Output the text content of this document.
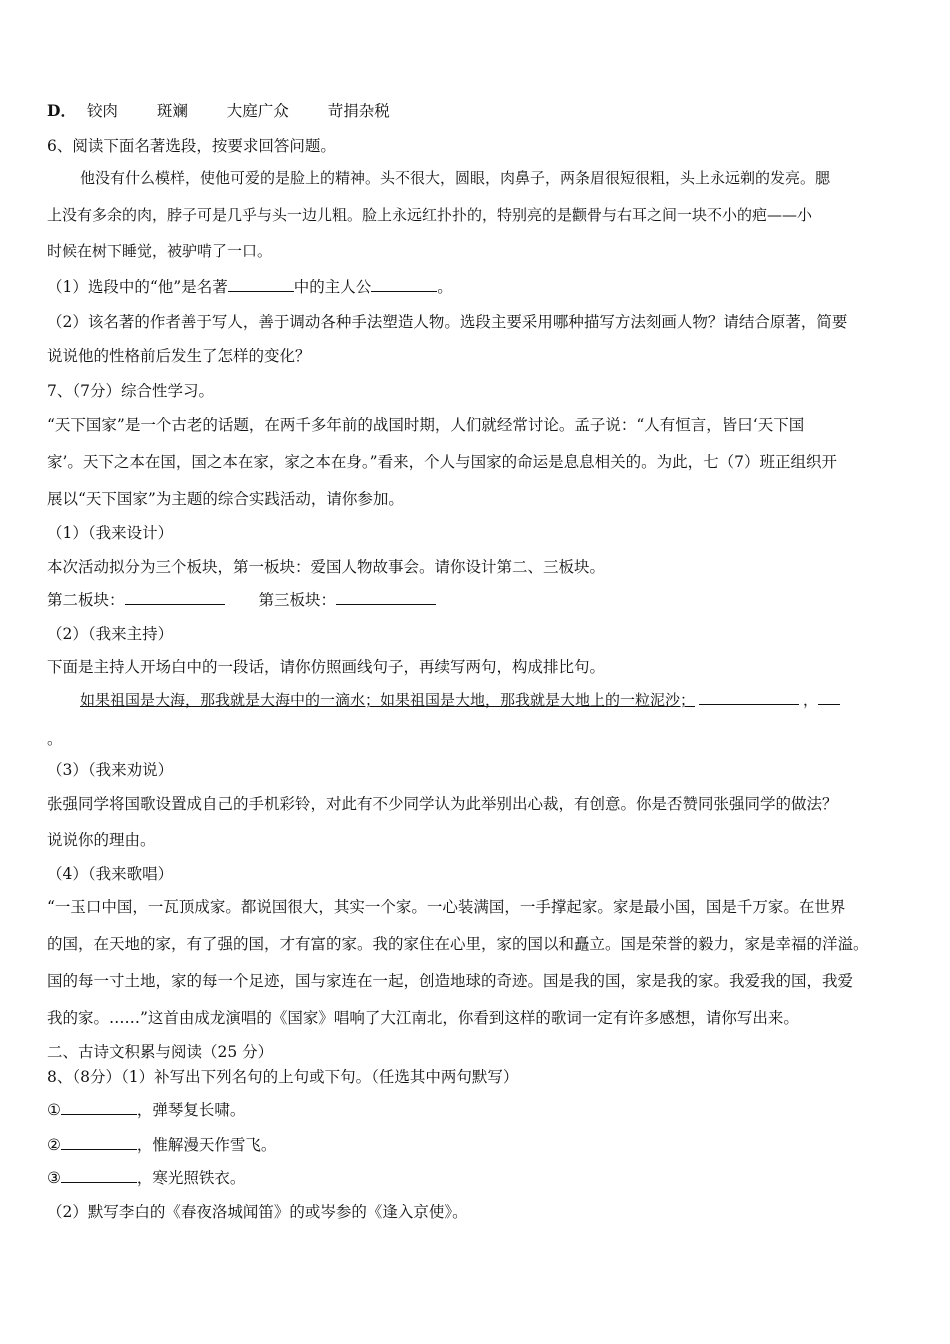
D． 铰肉	斑斓	大庭广众	苛捐杂税
6、阅读下面名著选段，按要求回答问题。
他没有什么模样，使他可爱的是脸上的精神。头不很大，圆眼，肉鼻子，两条眉很短很粗，头上永远剃的发亮。腮
上没有多余的肉，脖子可是几乎与头一边儿粗。脸上永远红扑扑的，特别亮的是颧骨与右耳之间一块不小的疤——小
时候在树下睡觉，被驴啃了一口。
（1）选段中的“他”是名著	中的主人公	。
（2）该名著的作者善于写人，善于调动各种手法塑造人物。选段主要采用哪种描写方法刻画人物？请结合原著，简要
说说他的性格前后发生了怎样的变化？
7、（7分）综合性学习。
“天下国家”是一个古老的话题，在两千多年前的战国时期，人们就经常讨论。孟子说：“人有恒言，皆曰‘天下国
家’。天下之本在国，国之本在家，家之本在身。”看来，个人与国家的命运是息息相关的。为此，七（7）班正组织开
展以“天下国家”为主题的综合实践活动，请你参加。
（1）（我来设计）
本次活动拟分为三个板块，第一板块：爱国人物故事会。请你设计第二、三板块。
第二板块：	第三板块：
（2）（我来主持）
下面是主持人开场白中的一段话，请你仿照画线句子，再续写两句，构成排比句。
如果祖国是大海，那我就是大海中的一滴水；如果祖国是大地，那我就是大地上的一粒泥沙；	，
。
（3）（我来劝说）
张强同学将国歌设置成自己的手机彩铃，对此有不少同学认为此举别出心裁，有创意。你是否赞同张强同学的做法？
说说你的理由。
（4）（我来歌唱）
“一玉口中国，一瓦顶成家。都说国很大，其实一个家。一心装满国，一手撑起家。家是最小国，国是千万家。在世界
的国，在天地的家，有了强的国，才有富的家。我的家住在心里，家的国以和矗立。国是荣誉的毅力，家是幸福的洋溢。
国的每一寸土地，家的每一个足迹，国与家连在一起，创造地球的奇迹。国是我的国，家是我的家。我爱我的国，我爱
我的家。……”这首由成龙演唱的《国家》唱响了大江南北，你看到这样的歌词一定有许多感想，请你写出来。
二、古诗文积累与阅读（25 分）
8、（8分）（1）补写出下列名句的上句或下句。（任选其中两句默写）
①	，弹琴复长啸。
②	，惟解漫天作雪飞。
③	，寒光照铁衣。
（2）默写李白的《春夜洛城闻笛》的或岑参的《逢入京使》。
